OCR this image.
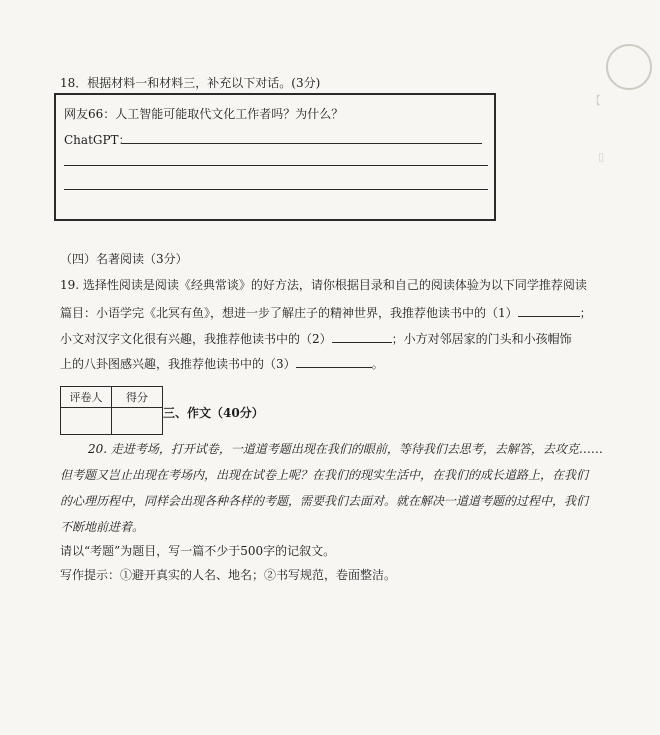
【
▯
18．根据材料一和材料三，补充以下对话。(3分)
网友66：人工智能可能取代文化工作者吗？为什么？
ChatGPT：
（四）名著阅读（3分）
19. 选择性阅读是阅读《经典常谈》的好方法，请你根据目录和自己的阅读体验为以下同学推荐阅读
篇目：小语学完《北冥有鱼》，想进一步了解庄子的精神世界，我推荐他读书中的（1）	；
小文对汉字文化很有兴趣，我推荐他读书中的（2）	；小方对邻居家的门头和小孩帽饰
上的八卦图感兴趣，我推荐他读书中的（3）	。
评卷人	得分

三、作文（40分）
20. 走进考场，打开试卷，一道道考题出现在我们的眼前，等待我们去思考，去解答，去攻克……
但考题又岂止出现在考场内，出现在试卷上呢？在我们的现实生活中，在我们的成长道路上，在我们
的心理历程中，同样会出现各种各样的考题，需要我们去面对。就在解决一道道考题的过程中，我们
不断地前进着。
请以“考题”为题目，写一篇不少于500字的记叙文。
写作提示：①避开真实的人名、地名；②书写规范，卷面整洁。
